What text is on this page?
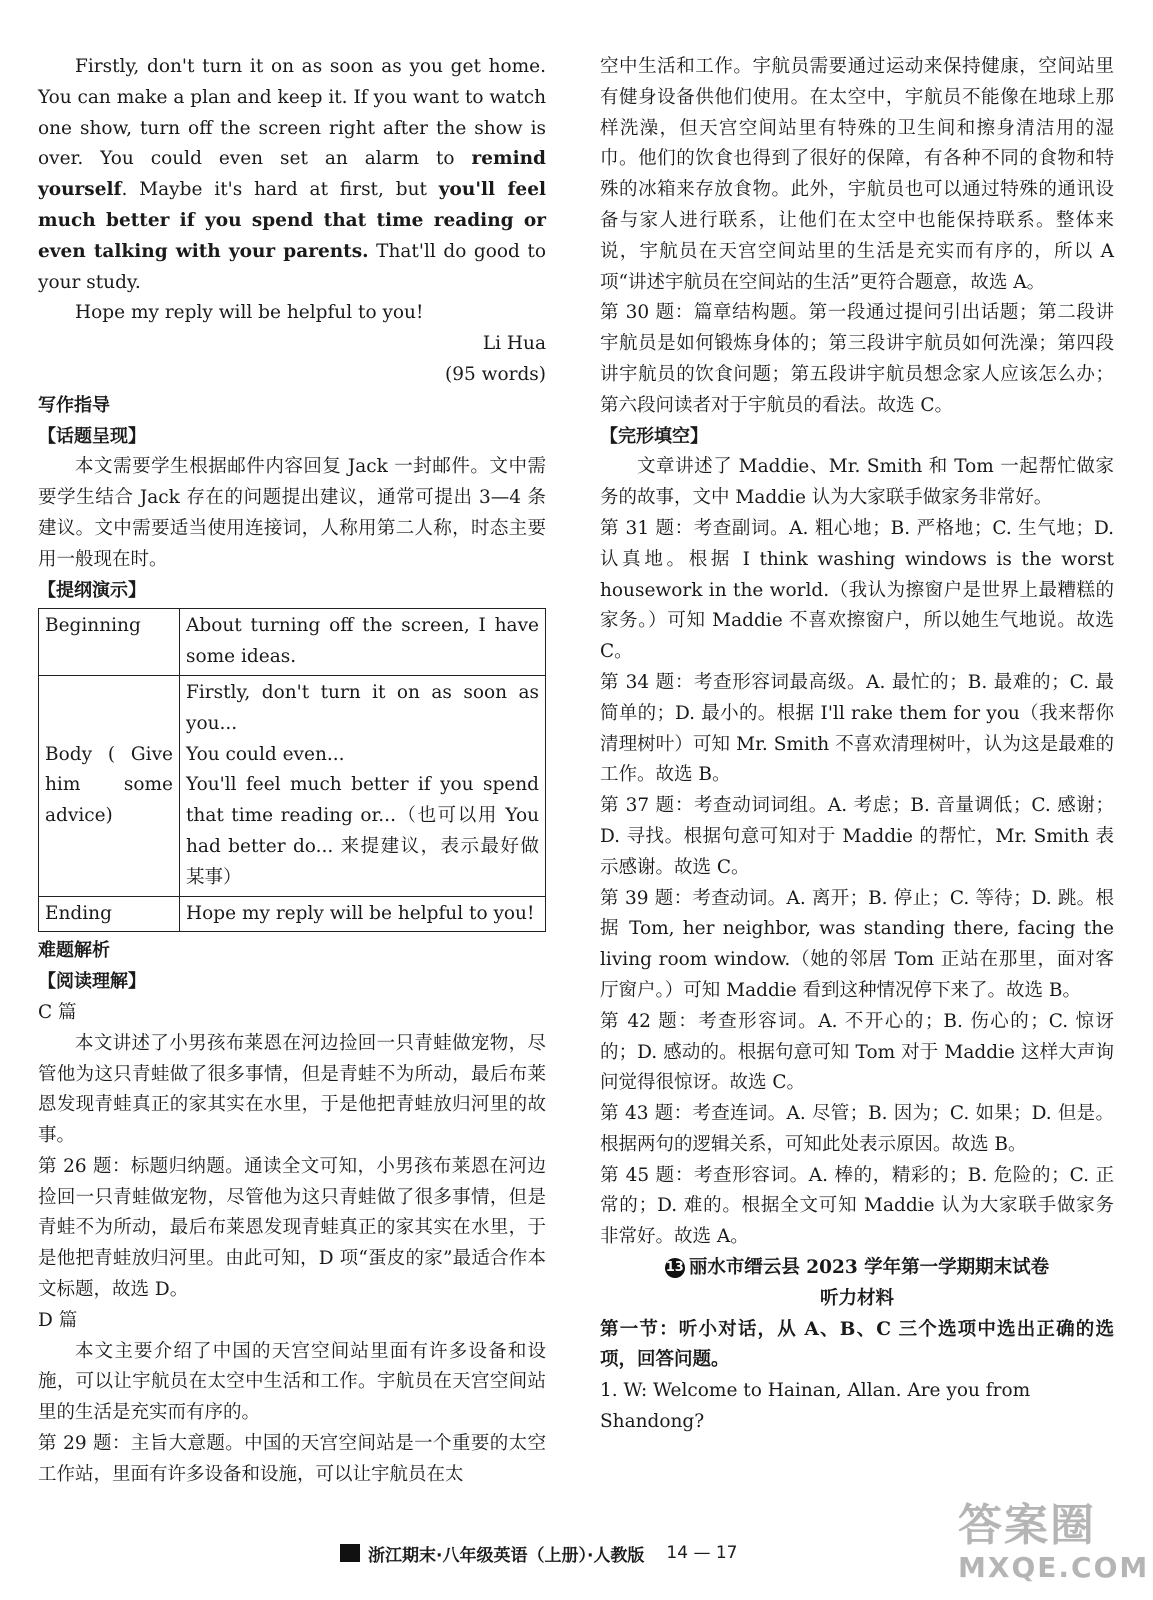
Firstly, don't turn it on as soon as you get home. You can make a plan and keep it. If you want to watch one show, turn off the screen right after the show is over. You could even set an alarm to remind yourself. Maybe it's hard at first, but you'll feel much better if you spend that time reading or even talking with your parents. That'll do good to your study.

Hope my reply will be helpful to you!

Li Hua

(95 words)

写作指导

【话题呈现】

本文需要学生根据邮件内容回复 Jack 一封邮件。文中需要学生结合 Jack 存在的问题提出建议，通常可提出 3—4 条建议。文中需要适当使用连接词，人称用第二人称，时态主要用一般现在时。

【提纲演示】

Beginning	About turning off the screen, I have some ideas.
Body ( Give him some advice)	Firstly, don't turn it on as soon as you...
You could even...
You'll feel much better if you spend that time reading or...（也可以用 You had better do... 来提建议，表示最好做某事）

Ending	Hope my reply will be helpful to you!

难题解析

【阅读理解】

C 篇

本文讲述了小男孩布莱恩在河边捡回一只青蛙做宠物，尽管他为这只青蛙做了很多事情，但是青蛙不为所动，最后布莱恩发现青蛙真正的家其实在水里，于是他把青蛙放归河里的故事。

第 26 题：标题归纳题。通读全文可知，小男孩布莱恩在河边捡回一只青蛙做宠物，尽管他为这只青蛙做了很多事情，但是青蛙不为所动，最后布莱恩发现青蛙真正的家其实在水里，于是他把青蛙放归河里。由此可知，D 项“蛋皮的家”最适合作本文标题，故选 D。

D 篇

本文主要介绍了中国的天宫空间站里面有许多设备和设施，可以让宇航员在太空中生活和工作。宇航员在天宫空间站里的生活是充实而有序的。

第 29 题：主旨大意题。中国的天宫空间站是一个重要的太空工作站，里面有许多设备和设施，可以让宇航员在太

空中生活和工作。宇航员需要通过运动来保持健康，空间站里有健身设备供他们使用。在太空中，宇航员不能像在地球上那样洗澡，但天宫空间站里有特殊的卫生间和擦身清洁用的湿巾。他们的饮食也得到了很好的保障，有各种不同的食物和特殊的冰箱来存放食物。此外，宇航员也可以通过特殊的通讯设备与家人进行联系，让他们在太空中也能保持联系。整体来说，宇航员在天宫空间站里的生活是充实而有序的，所以 A 项“讲述宇航员在空间站的生活”更符合题意，故选 A。

第 30 题：篇章结构题。第一段通过提问引出话题；第二段讲宇航员是如何锻炼身体的；第三段讲宇航员如何洗澡；第四段讲宇航员的饮食问题；第五段讲宇航员想念家人应该怎么办；第六段问读者对于宇航员的看法。故选 C。

【完形填空】

文章讲述了 Maddie、Mr. Smith 和 Tom 一起帮忙做家务的故事，文中 Maddie 认为大家联手做家务非常好。

第 31 题：考查副词。A. 粗心地；B. 严格地；C. 生气地；D. 认真地。根据 I think washing windows is the worst housework in the world.（我认为擦窗户是世界上最糟糕的家务。）可知 Maddie 不喜欢擦窗户，所以她生气地说。故选 C。

第 34 题：考查形容词最高级。A. 最忙的；B. 最难的；C. 最简单的；D. 最小的。根据 I'll rake them for you（我来帮你清理树叶）可知 Mr. Smith 不喜欢清理树叶，认为这是最难的工作。故选 B。

第 37 题：考查动词词组。A. 考虑；B. 音量调低；C. 感谢；D. 寻找。根据句意可知对于 Maddie 的帮忙，Mr. Smith 表示感谢。故选 C。

第 39 题：考查动词。A. 离开；B. 停止；C. 等待；D. 跳。根据 Tom, her neighbor, was standing there, facing the living room window.（她的邻居 Tom 正站在那里，面对客厅窗户。）可知 Maddie 看到这种情况停下来了。故选 B。

第 42 题：考查形容词。A. 不开心的；B. 伤心的；C. 惊讶的；D. 感动的。根据句意可知 Tom 对于 Maddie 这样大声询问觉得很惊讶。故选 C。

第 43 题：考查连词。A. 尽管；B. 因为；C. 如果；D. 但是。根据两句的逻辑关系，可知此处表示原因。故选 B。

第 45 题：考查形容词。A. 棒的，精彩的；B. 危险的；C. 正常的；D. 难的。根据全文可知 Maddie 认为大家联手做家务非常好。故选 A。

13 丽水市缙云县 2023 学年第一学期期末试卷

听力材料

第一节：听小对话，从 A、B、C 三个选项中选出正确的选项，回答问题。

1. W: Welcome to Hainan, Allan. Are you from Shandong?

浙江期末·八年级英语（上册）·人教版 14 — 17
答案圈
MXQE.COM
